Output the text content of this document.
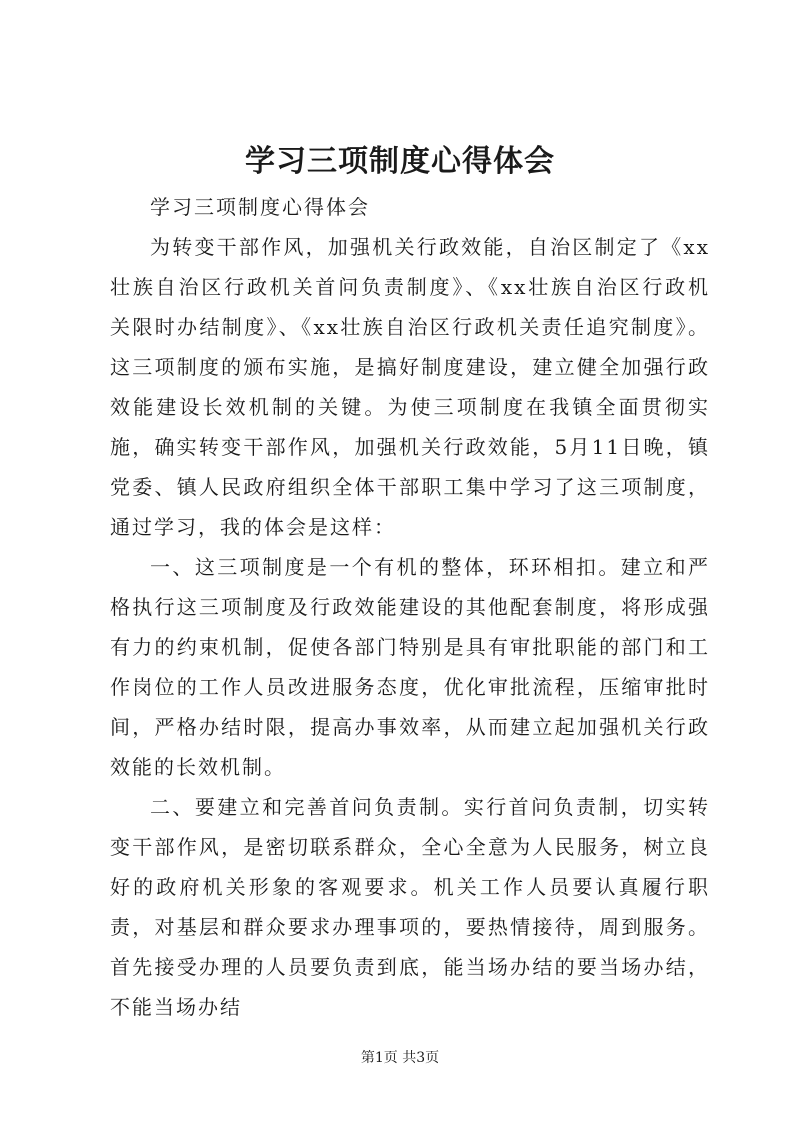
学习三项制度心得体会

学习三项制度心得体会

为转变干部作风，加强机关行政效能，自治区制定了《xx壮族自治区行政机关首问负责制度》、《xx壮族自治区行政机关限时办结制度》、《xx壮族自治区行政机关责任追究制度》。这三项制度的颁布实施，是搞好制度建设，建立健全加强行政效能建设长效机制的关键。为使三项制度在我镇全面贯彻实施，确实转变干部作风，加强机关行政效能，5月11日晚，镇党委、镇人民政府组织全体干部职工集中学习了这三项制度，通过学习，我的体会是这样：

一、这三项制度是一个有机的整体，环环相扣。建立和严格执行这三项制度及行政效能建设的其他配套制度，将形成强有力的约束机制，促使各部门特别是具有审批职能的部门和工作岗位的工作人员改进服务态度，优化审批流程，压缩审批时间，严格办结时限，提高办事效率，从而建立起加强机关行政效能的长效机制。

二、要建立和完善首问负责制。实行首问负责制，切实转变干部作风，是密切联系群众，全心全意为人民服务，树立良好的政府机关形象的客观要求。机关工作人员要认真履行职责，对基层和群众要求办理事项的，要热情接待，周到服务。首先接受办理的人员要负责到底，能当场办结的要当场办结，不能当场办结

第1页 共3页
